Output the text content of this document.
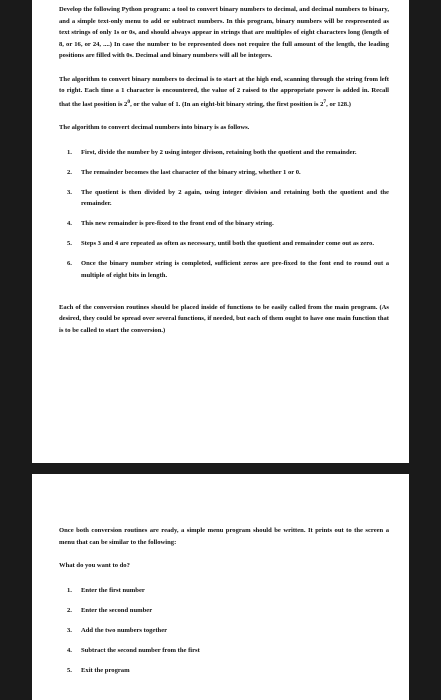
Develop the following Python program: a tool to convert binary numbers to decimal, and decimal numbers to binary, and a simple text-only menu to add or subtract numbers. In this program, binary numbers will be respresented as text strings of only 1s or 0s, and should always appear in strings that are multiples of eight characters long (length of 8, or 16, or 24, ....) In case the number to be represented does not require the full amount of the length, the leading positions are filled with 0s. Decimal and binary numbers will all be integers.

The algorithm to convert binary numbers to decimal is to start at the high end, scanning through the string from left to right. Each time a 1 character is encountered, the value of 2 raised to the appropriate power is added in. Recall that the last position is $2^0$, or the value of 1. (In an eight-bit binary string, the first position is $2^7$, or 128.)

The algorithm to convert decimal numbers into binary is as follows.

1.	First, divide the number by 2 using integer divison, retaining both the quotient and the remainder.
2.	The remainder becomes the last character of the binary string, whether 1 or 0.
3.	The quotient is then divided by 2 again, using integer division and retaining both the quotient and the remainder.
4.	This new remainder is pre-fixed to the front end of the binary string.
5.	Steps 3 and 4 are repeated as often as necessary, until both the quotient and remainder come out as zero.
6.	Once the binary number string is completed, sufficient zeros are pre-fixed to the font end to round out a multiple of eight bits in length.

Each of the conversion routines should be placed inside of functions to be easily called from the main program. (As desired, they could be spread over several functions, if needed, but each of them ought to have one main function that is to be called to start the conversion.)

Once both conversion routines are ready, a simple menu program should be written. It prints out to the screen a menu that can be similar to the following:

What do you want to do?

1.	Enter the first number
2.	Enter the second number
3.	Add the two numbers together
4.	Subtract the second number from the first
5.	Exit the program
